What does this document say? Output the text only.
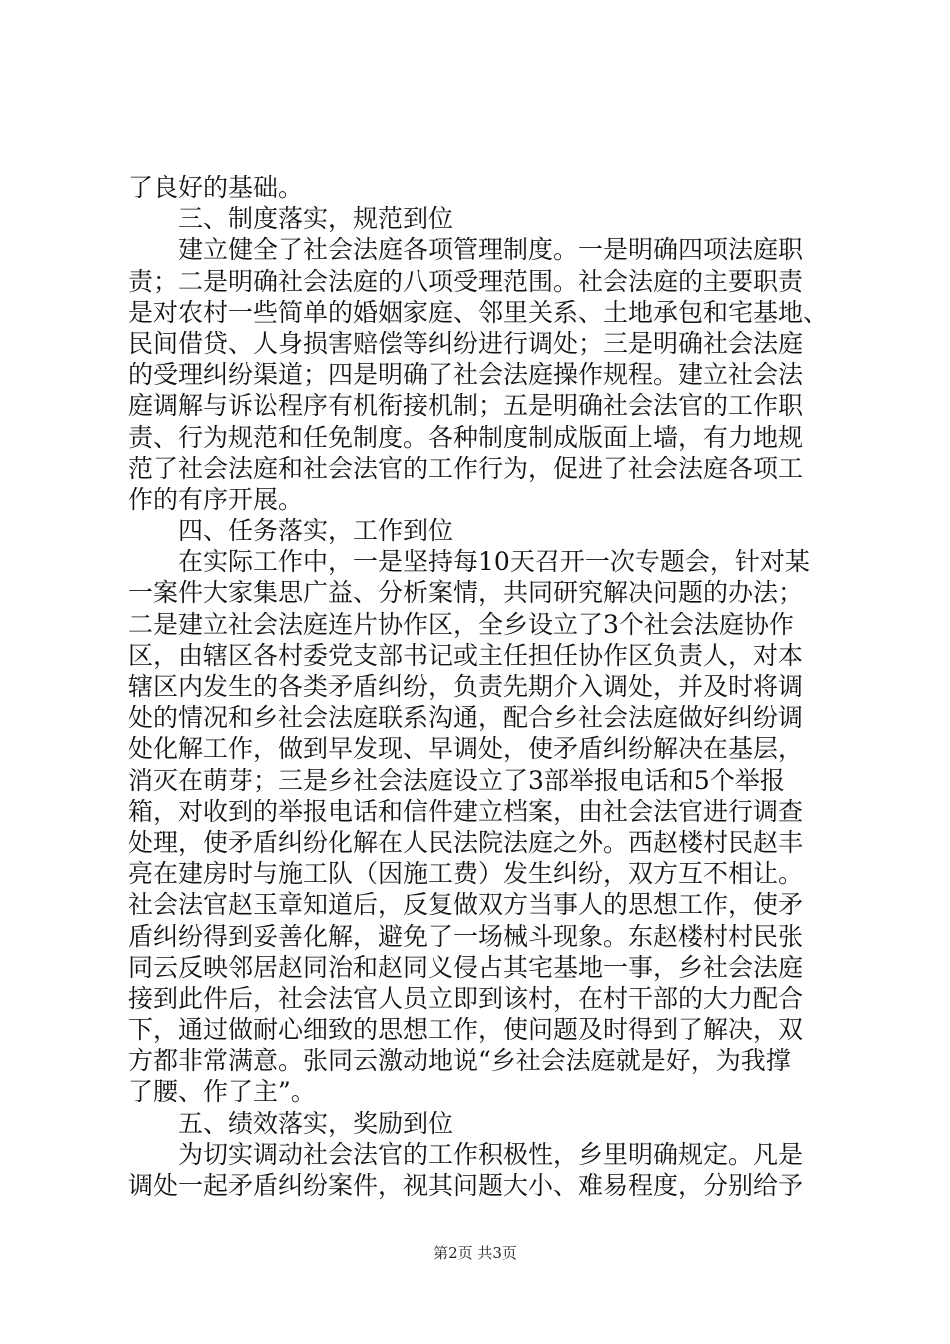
了良好的基础。
三、制度落实，规范到位
建立健全了社会法庭各项管理制度。一是明确四项法庭职
责；二是明确社会法庭的八项受理范围。社会法庭的主要职责
是对农村一些简单的婚姻家庭、邻里关系、土地承包和宅基地、
民间借贷、人身损害赔偿等纠纷进行调处；三是明确社会法庭
的受理纠纷渠道；四是明确了社会法庭操作规程。建立社会法
庭调解与诉讼程序有机衔接机制；五是明确社会法官的工作职
责、行为规范和任免制度。各种制度制成版面上墙，有力地规
范了社会法庭和社会法官的工作行为，促进了社会法庭各项工
作的有序开展。
四、任务落实，工作到位
在实际工作中，一是坚持每10天召开一次专题会，针对某
一案件大家集思广益、分析案情，共同研究解决问题的办法；
二是建立社会法庭连片协作区，全乡设立了3个社会法庭协作
区，由辖区各村委党支部书记或主任担任协作区负责人，对本
辖区内发生的各类矛盾纠纷，负责先期介入调处，并及时将调
处的情况和乡社会法庭联系沟通，配合乡社会法庭做好纠纷调
处化解工作，做到早发现、早调处，使矛盾纠纷解决在基层，
消灭在萌芽；三是乡社会法庭设立了3部举报电话和5个举报
箱，对收到的举报电话和信件建立档案，由社会法官进行调查
处理，使矛盾纠纷化解在人民法院法庭之外。西赵楼村民赵丰
亮在建房时与施工队（因施工费）发生纠纷，双方互不相让。
社会法官赵玉章知道后，反复做双方当事人的思想工作，使矛
盾纠纷得到妥善化解，避免了一场械斗现象。东赵楼村村民张
同云反映邻居赵同治和赵同义侵占其宅基地一事，乡社会法庭
接到此件后，社会法官人员立即到该村，在村干部的大力配合
下，通过做耐心细致的思想工作，使问题及时得到了解决，双
方都非常满意。张同云激动地说“乡社会法庭就是好，为我撑
了腰、作了主”。
五、绩效落实，奖励到位
为切实调动社会法官的工作积极性，乡里明确规定。凡是
调处一起矛盾纠纷案件，视其问题大小、难易程度，分别给予
第2页 共3页
